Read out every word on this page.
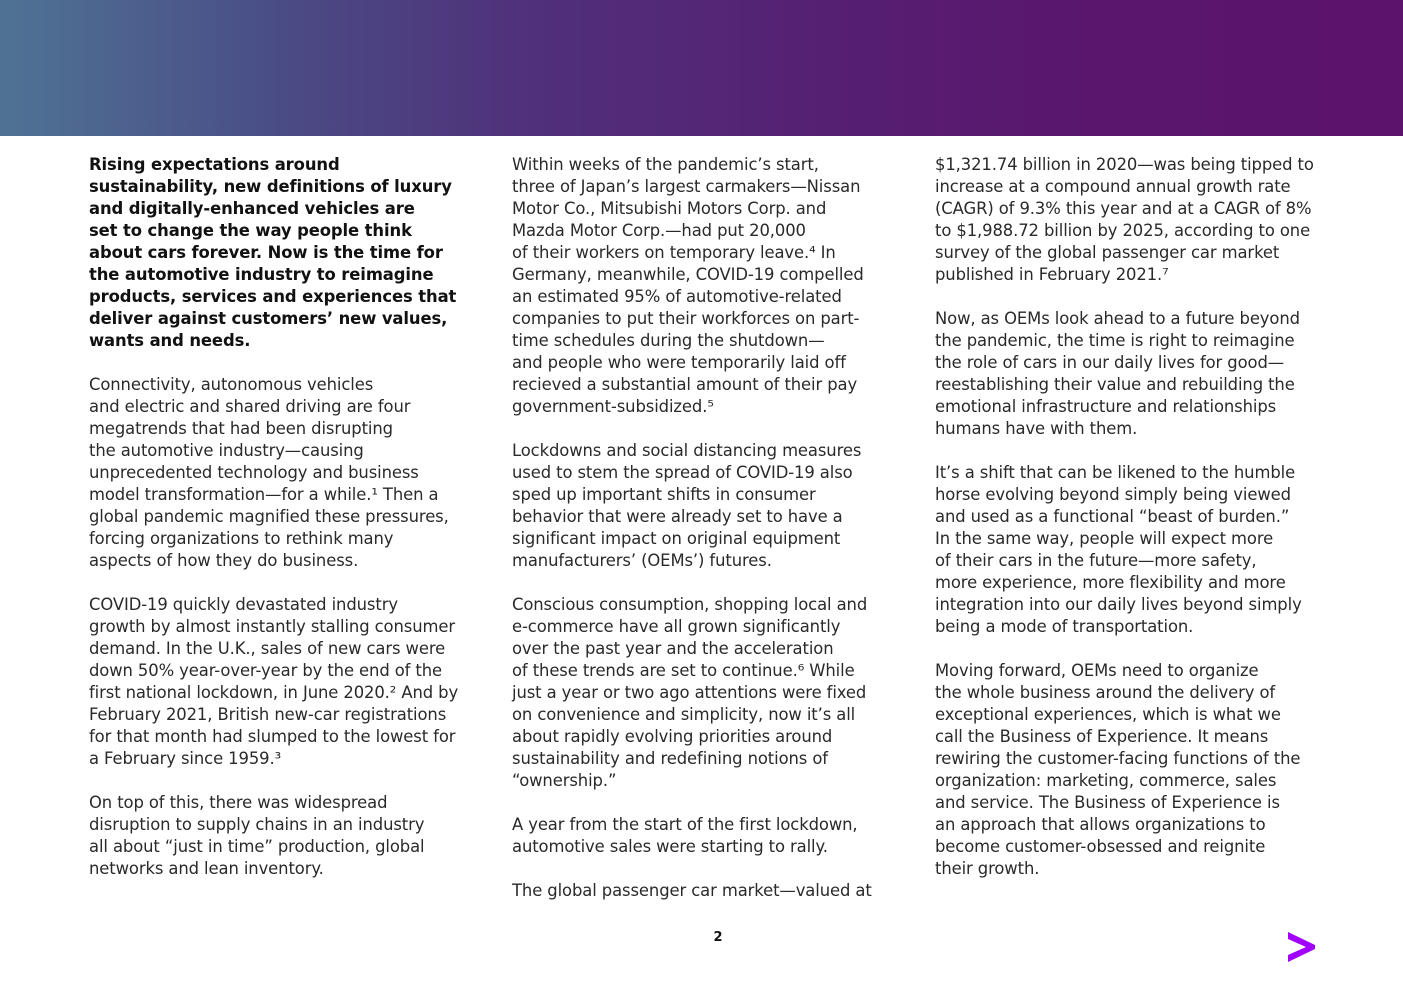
Rising expectations around
sustainability, new definitions of luxury
and digitally-enhanced vehicles are
set to change the way people think
about cars forever. Now is the time for
the automotive industry to reimagine
products, services and experiences that
deliver against customers’ new values,
wants and needs.
Connectivity, autonomous vehicles
and electric and shared driving are four
megatrends that had been disrupting
the automotive industry—causing
unprecedented technology and business
model transformation—for a while.¹ Then a
global pandemic magnified these pressures,
forcing organizations to rethink many
aspects of how they do business.
COVID-19 quickly devastated industry
growth by almost instantly stalling consumer
demand. In the U.K., sales of new cars were
down 50% year-over-year by the end of the
first national lockdown, in June 2020.² And by
February 2021, British new-car registrations
for that month had slumped to the lowest for
a February since 1959.³
On top of this, there was widespread
disruption to supply chains in an industry
all about “just in time” production, global
networks and lean inventory.
Within weeks of the pandemic’s start,
three of Japan’s largest carmakers—Nissan
Motor Co., Mitsubishi Motors Corp. and
Mazda Motor Corp.—had put 20,000
of their workers on temporary leave.⁴ In
Germany, meanwhile, COVID-19 compelled
an estimated 95% of automotive-related
companies to put their workforces on part-
time schedules during the shutdown—
and people who were temporarily laid off
recieved a substantial amount of their pay
government-subsidized.⁵
Lockdowns and social distancing measures
used to stem the spread of COVID-19 also
sped up important shifts in consumer
behavior that were already set to have a
significant impact on original equipment
manufacturers’ (OEMs’) futures.
Conscious consumption, shopping local and
e-commerce have all grown significantly
over the past year and the acceleration
of these trends are set to continue.⁶ While
just a year or two ago attentions were fixed
on convenience and simplicity, now it’s all
about rapidly evolving priorities around
sustainability and redefining notions of
“ownership.”
A year from the start of the first lockdown,
automotive sales were starting to rally.
The global passenger car market—valued at
$1,321.74 billion in 2020—was being tipped to
increase at a compound annual growth rate
(CAGR) of 9.3% this year and at a CAGR of 8%
to $1,988.72 billion by 2025, according to one
survey of the global passenger car market
published in February 2021.⁷
Now, as OEMs look ahead to a future beyond
the pandemic, the time is right to reimagine
the role of cars in our daily lives for good—
reestablishing their value and rebuilding the
emotional infrastructure and relationships
humans have with them.
It’s a shift that can be likened to the humble
horse evolving beyond simply being viewed
and used as a functional “beast of burden.”
In the same way, people will expect more
of their cars in the future—more safety,
more experience, more flexibility and more
integration into our daily lives beyond simply
being a mode of transportation.
Moving forward, OEMs need to organize
the whole business around the delivery of
exceptional experiences, which is what we
call the Business of Experience. It means
rewiring the customer-facing functions of the
organization: marketing, commerce, sales
and service. The Business of Experience is
an approach that allows organizations to
become customer-obsessed and reignite
their growth.
2
